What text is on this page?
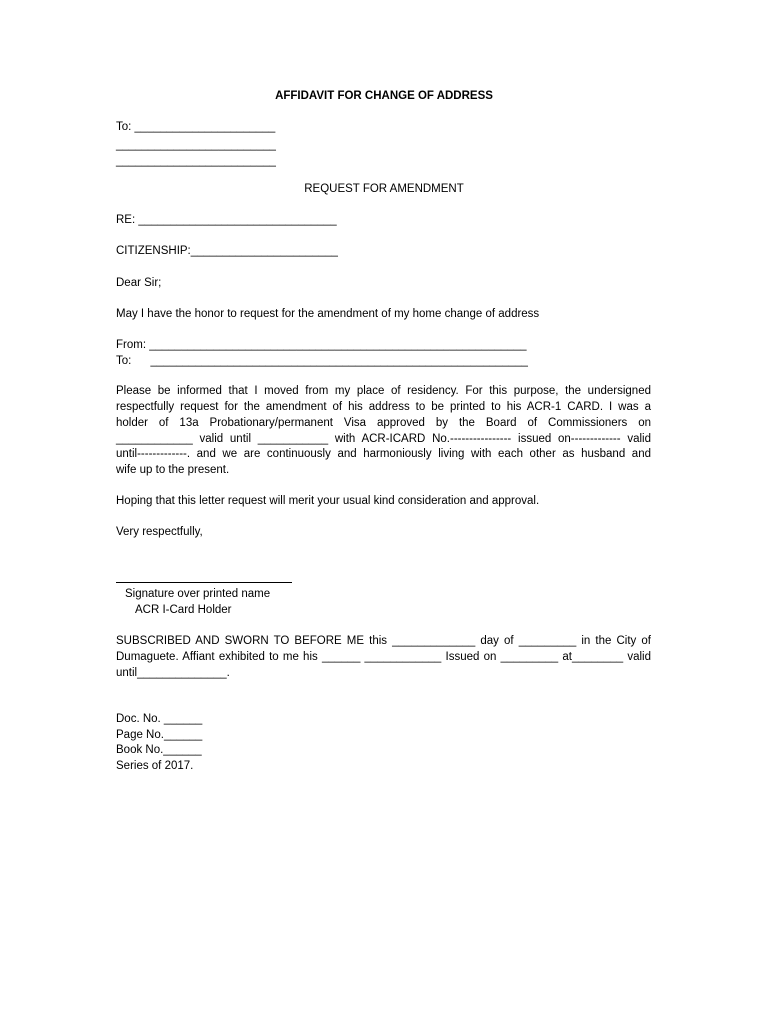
AFFIDAVIT FOR CHANGE OF ADDRESS
To: ______________________
_________________________
_________________________
REQUEST FOR AMENDMENT
RE: _______________________________
CITIZENSHIP:_______________________
Dear Sir;
May I have the honor to request for the amendment of my home change of address
From: ___________________________________________________________
To:      ___________________________________________________________
Please be informed that I moved from my place of residency. For this purpose, the undersigned
respectfully request for the amendment of his address to be printed to his ACR-1 CARD. I was a
holder of 13a Probationary/permanent Visa approved by the Board of Commissioners on
____________ valid until ___________ with ACR-ICARD No.---------------- issued on------------- valid
until-------------. and we are continuously and harmoniously living with each other as husband and
wife up to the present.
Hoping that this letter request will merit your usual kind consideration and approval.
Very respectfully,
Signature over printed name
ACR I-Card Holder
SUBSCRIBED AND SWORN TO BEFORE ME this _____________ day of _________ in the City of
Dumaguete. Affiant exhibited to me his ______ ____________ Issued on _________ at________ valid
until______________.
Doc. No. ______
Page No.______
Book No.______
Series of 2017.
